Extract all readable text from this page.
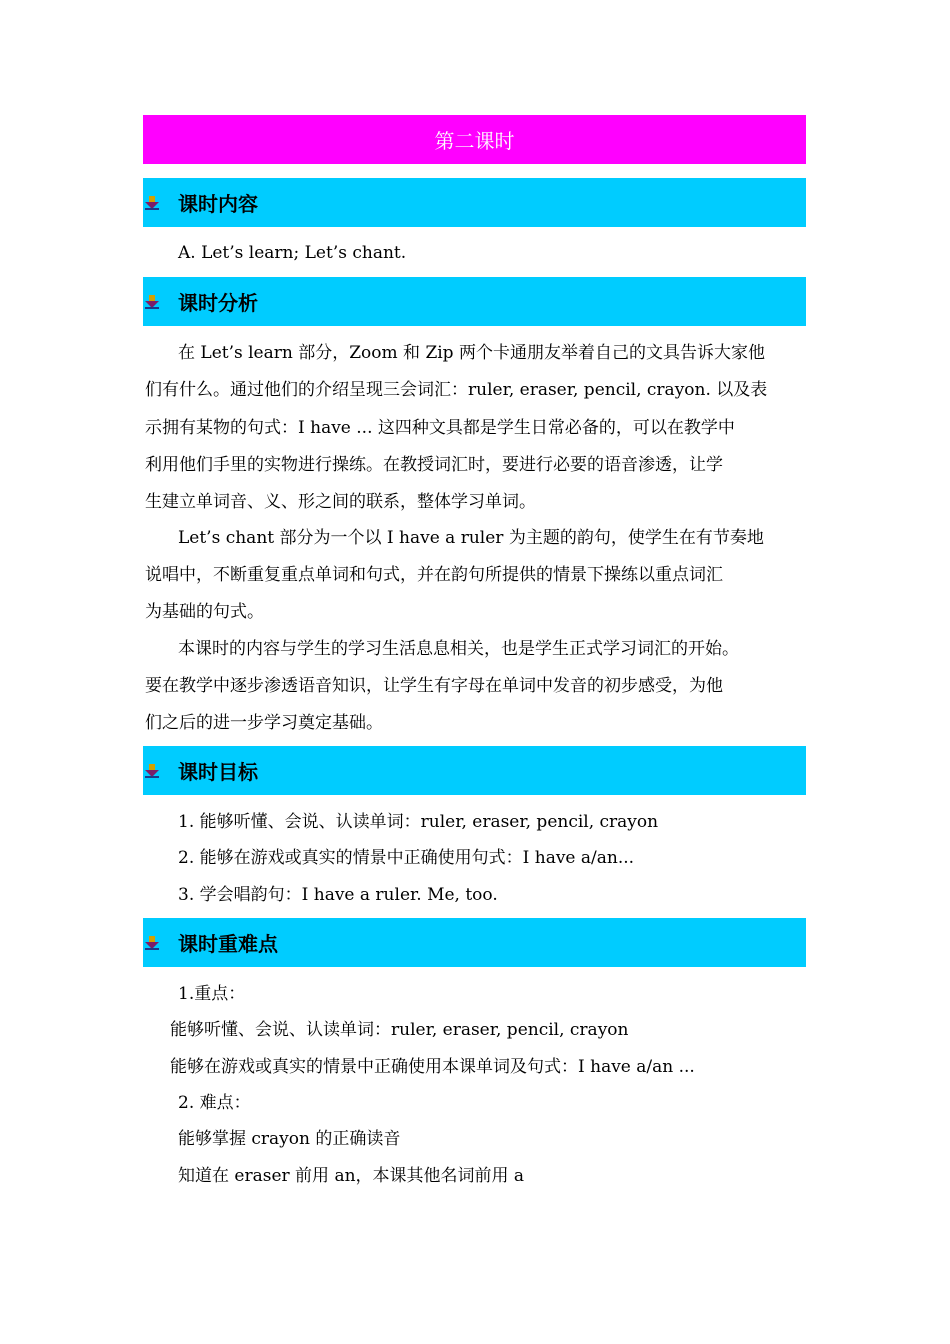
第二课时
课时内容
A. Let’s learn; Let’s chant.
课时分析
在 Let’s learn 部分，Zoom 和 Zip 两个卡通朋友举着自己的文具告诉大家他
们有什么。通过他们的介绍呈现三会词汇：ruler, eraser, pencil, crayon. 以及表
示拥有某物的句式：I have ... 这四种文具都是学生日常必备的，可以在教学中
利用他们手里的实物进行操练。在教授词汇时，要进行必要的语音渗透，让学
生建立单词音、义、形之间的联系，整体学习单词。
Let’s chant 部分为一个以 I have a ruler 为主题的韵句，使学生在有节奏地
说唱中，不断重复重点单词和句式，并在韵句所提供的情景下操练以重点词汇
为基础的句式。
本课时的内容与学生的学习生活息息相关，也是学生正式学习词汇的开始。
要在教学中逐步渗透语音知识，让学生有字母在单词中发音的初步感受，为他
们之后的进一步学习奠定基础。
课时目标
1. 能够听懂、会说、认读单词：ruler, eraser, pencil, crayon
2. 能够在游戏或真实的情景中正确使用句式：I have a/an...
3. 学会唱韵句：I have a ruler. Me, too.
课时重难点
1.重点：
能够听懂、会说、认读单词：ruler, eraser, pencil, crayon
能够在游戏或真实的情景中正确使用本课单词及句式：I have a/an ...
2. 难点：
能够掌握 crayon 的正确读音
知道在 eraser 前用 an，本课其他名词前用 a
